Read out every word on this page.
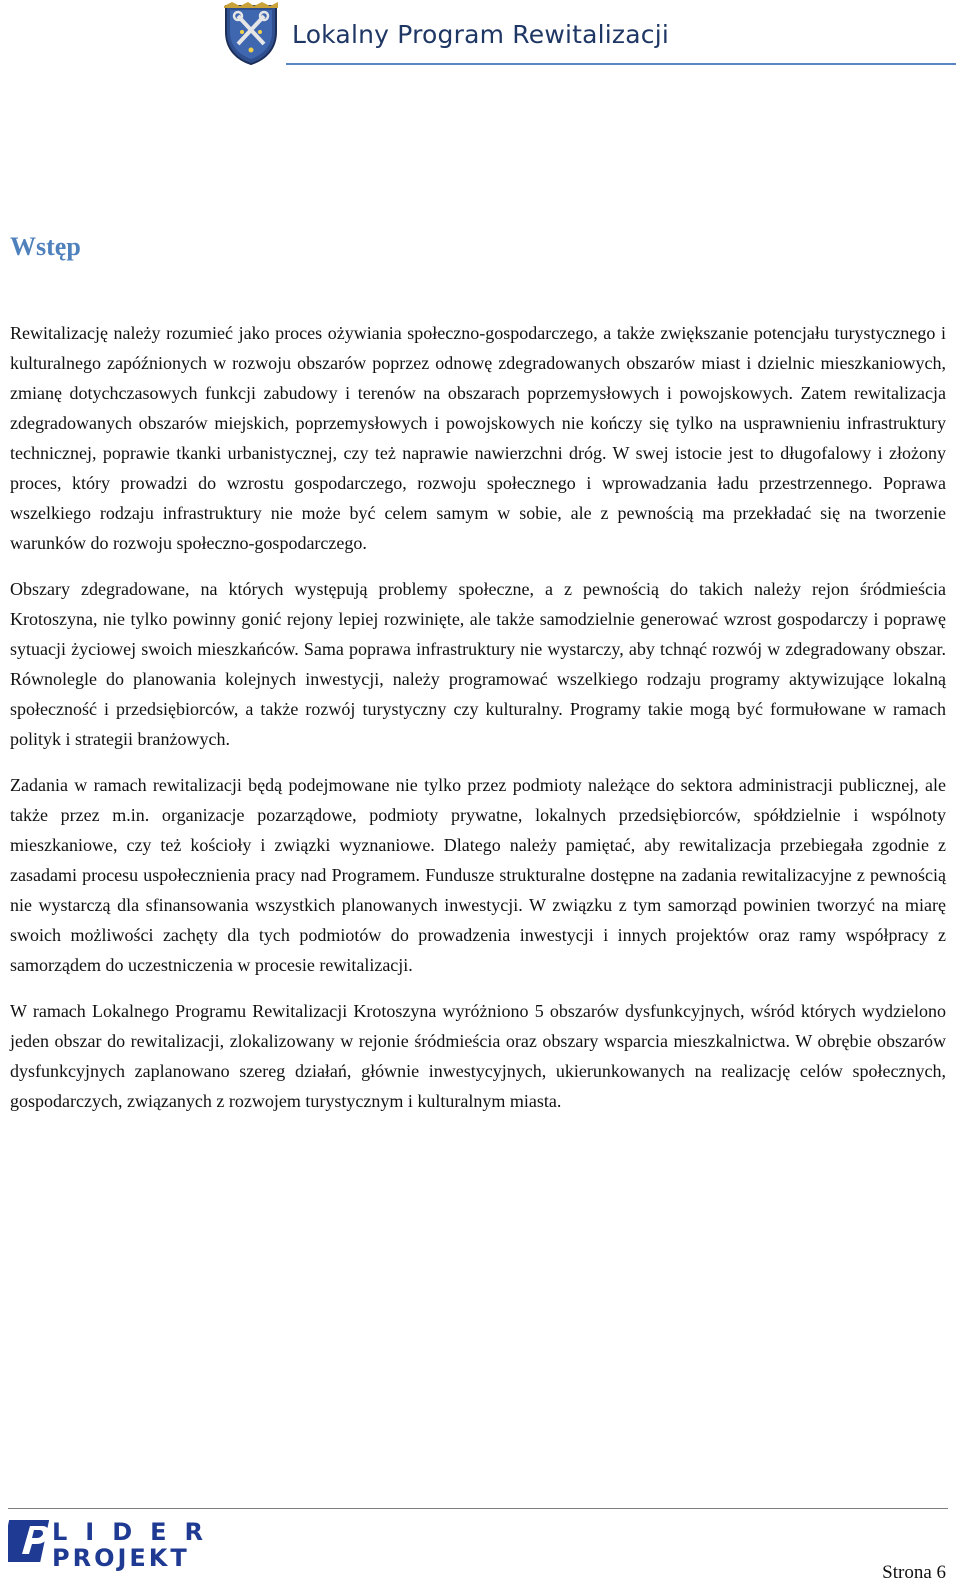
Lokalny Program Rewitalizacji
Wstęp

Rewitalizację należy rozumieć jako proces ożywiania społeczno-gospodarczego, a także zwiększanie potencjału turystycznego i kulturalnego zapóźnionych w rozwoju obszarów poprzez odnowę zdegradowanych obszarów miast i dzielnic mieszkaniowych, zmianę dotychczasowych funkcji zabudowy i terenów na obszarach poprzemysłowych i powojskowych. Zatem rewitalizacja zdegradowanych obszarów miejskich, poprzemysłowych i powojskowych nie kończy się tylko na usprawnieniu infrastruktury technicznej, poprawie tkanki urbanistycznej, czy też naprawie nawierzchni dróg. W swej istocie jest to długofalowy i złożony proces, który prowadzi do wzrostu gospodarczego, rozwoju społecznego i wprowadzania ładu przestrzennego. Poprawa wszelkiego rodzaju infrastruktury nie może być celem samym w sobie, ale z pewnością ma przekładać się na tworzenie warunków do rozwoju społeczno-gospodarczego.

Obszary zdegradowane, na których występują problemy społeczne, a z pewnością do takich należy rejon śródmieścia Krotoszyna, nie tylko powinny gonić rejony lepiej rozwinięte, ale także samodzielnie generować wzrost gospodarczy i poprawę sytuacji życiowej swoich mieszkańców. Sama poprawa infrastruktury nie wystarczy, aby tchnąć rozwój w zdegradowany obszar. Równolegle do planowania kolejnych inwestycji, należy programować wszelkiego rodzaju programy aktywizujące lokalną społeczność i przedsiębiorców, a także rozwój turystyczny czy kulturalny. Programy takie mogą być formułowane w ramach polityk i strategii branżowych.

Zadania w ramach rewitalizacji będą podejmowane nie tylko przez podmioty należące do sektora administracji publicznej, ale także przez m.in. organizacje pozarządowe, podmioty prywatne, lokalnych przedsiębiorców, spółdzielnie i wspólnoty mieszkaniowe, czy też kościoły i związki wyznaniowe. Dlatego należy pamiętać, aby rewitalizacja przebiegała zgodnie z zasadami procesu uspołecznienia pracy nad Programem. Fundusze strukturalne dostępne na zadania rewitalizacyjne z pewnością nie wystarczą dla sfinansowania wszystkich planowanych inwestycji. W związku z tym samorząd powinien tworzyć na miarę swoich możliwości zachęty dla tych podmiotów do prowadzenia inwestycji i innych projektów oraz ramy współpracy z samorządem do uczestniczenia w procesie rewitalizacji.

W ramach Lokalnego Programu Rewitalizacji Krotoszyna wyróżniono 5 obszarów dysfunkcyjnych, wśród których wydzielono jeden obszar do rewitalizacji, zlokalizowany w rejonie śródmieścia oraz obszary wsparcia mieszkalnictwa. W obrębie obszarów dysfunkcyjnych zaplanowano szereg działań, głównie inwestycyjnych, ukierunkowanych na realizację celów społecznych, gospodarczych, związanych z rozwojem turystycznym i kulturalnym miasta.

LIDER
PROJEKT
Strona 6
